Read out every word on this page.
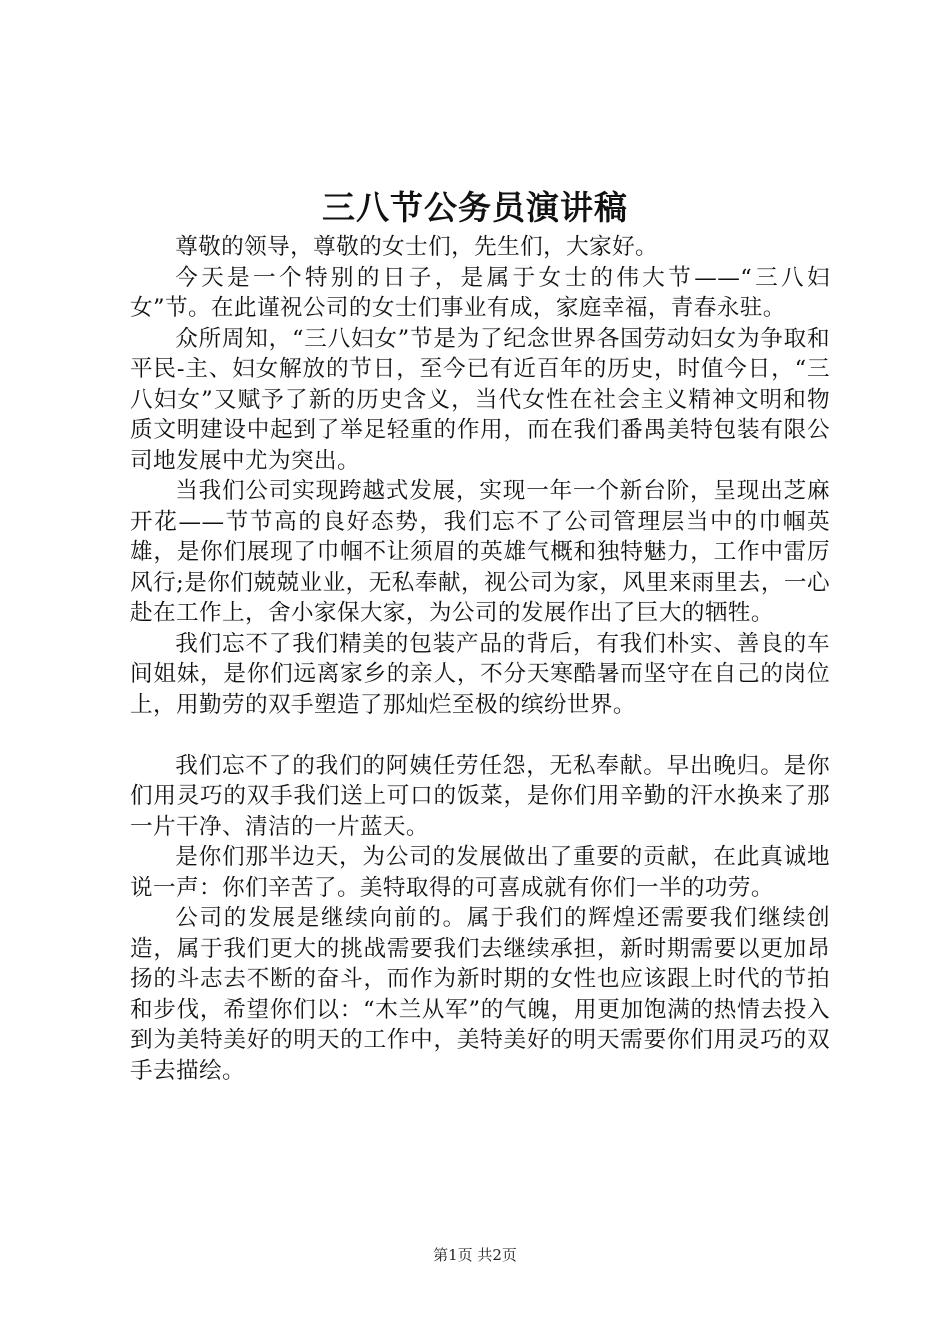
三八节公务员演讲稿

尊敬的领导，尊敬的女士们，先生们，大家好。

今天是一个特别的日子，是属于女士的伟大节——“三八妇女”节。在此谨祝公司的女士们事业有成，家庭幸福，青春永驻。

众所周知，“三八妇女”节是为了纪念世界各国劳动妇女为争取和平民-主、妇女解放的节日，至今已有近百年的历史，时值今日，“三八妇女”又赋予了新的历史含义，当代女性在社会主义精神文明和物质文明建设中起到了举足轻重的作用，而在我们番禺美特包装有限公司地发展中尤为突出。

当我们公司实现跨越式发展，实现一年一个新台阶，呈现出芝麻开花——节节高的良好态势，我们忘不了公司管理层当中的巾帼英雄，是你们展现了巾帼不让须眉的英雄气概和独特魅力，工作中雷厉风行;是你们兢兢业业，无私奉献，视公司为家，风里来雨里去，一心赴在工作上，舍小家保大家，为公司的发展作出了巨大的牺牲。

我们忘不了我们精美的包装产品的背后，有我们朴实、善良的车间姐妹，是你们远离家乡的亲人，不分天寒酷暑而坚守在自己的岗位上，用勤劳的双手塑造了那灿烂至极的缤纷世界。

我们忘不了的我们的阿姨任劳任怨，无私奉献。早出晚归。是你们用灵巧的双手我们送上可口的饭菜，是你们用辛勤的汗水换来了那一片干净、清洁的一片蓝天。

是你们那半边天，为公司的发展做出了重要的贡献，在此真诚地说一声：你们辛苦了。美特取得的可喜成就有你们一半的功劳。

公司的发展是继续向前的。属于我们的辉煌还需要我们继续创造，属于我们更大的挑战需要我们去继续承担，新时期需要以更加昂扬的斗志去不断的奋斗，而作为新时期的女性也应该跟上时代的节拍和步伐，希望你们以：“木兰从军”的气魄，用更加饱满的热情去投入到为美特美好的明天的工作中，美特美好的明天需要你们用灵巧的双手去描绘。

第1页 共2页
